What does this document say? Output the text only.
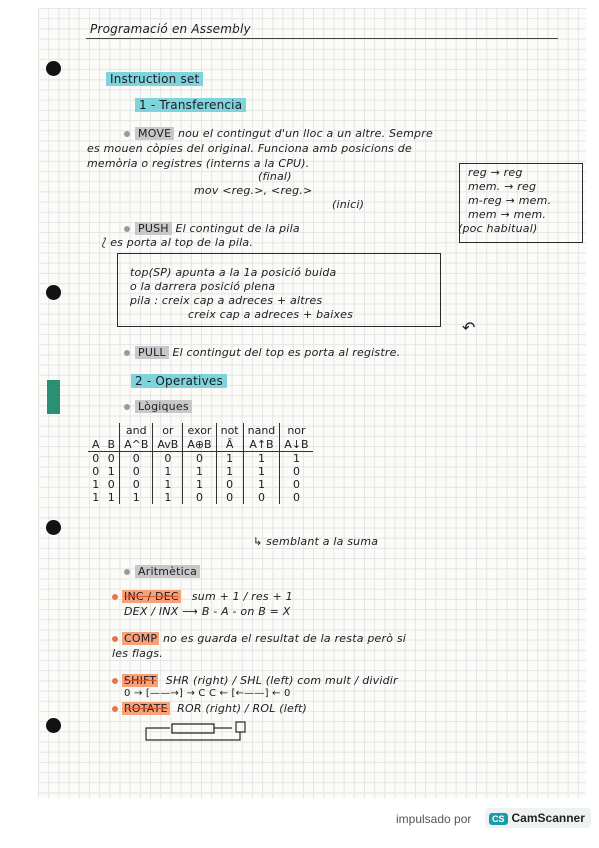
Programació en Assembly
Instruction set
1 - Transferencia
MOVE nou el contingut d'un lloc a un altre. Sempre
es mouen còpies del original. Funciona amb posicions de
memòria o registres (interns a la CPU).
(final)
mov <reg.>, <reg.>
(inici)
reg → reg
mem. → reg
m-reg → mem.
mem → mem.
(poc habitual)
PUSH El contingut de la pila
⟅ es porta al top de la pila.
top(SP) apunta a la 1a posició buida
o la darrera posició plena
pila : creix cap a adreces + altres
creix cap a adreces + baixes
↶
PULL El contingut del top es porta al registre.
2 - Operatives
Lògiques
		and	or	exor	not	nand	nor
A	B	A^B	AvB	A⊕B	Ā	A↑B	A↓B
0	0	0	0	0	1	1	1
0	1	0	1	1	1	1	0
1	0	0	1	1	0	1	0
1	1	1	1	0	0	0	0
↳ semblant a la suma
Aritmètica
INC / DEC sum + 1 / res + 1
DEX / INX ⟶ B - A - on B = X
COMP no es guarda el resultat de la resta però si
les flags.
SHIFT SHR (right) / SHL (left) com mult / dividir
0 → [——→] → C C ← [←——] ← 0
ROTATE ROR (right) / ROL (left)
impulsado por	CS CamScanner
